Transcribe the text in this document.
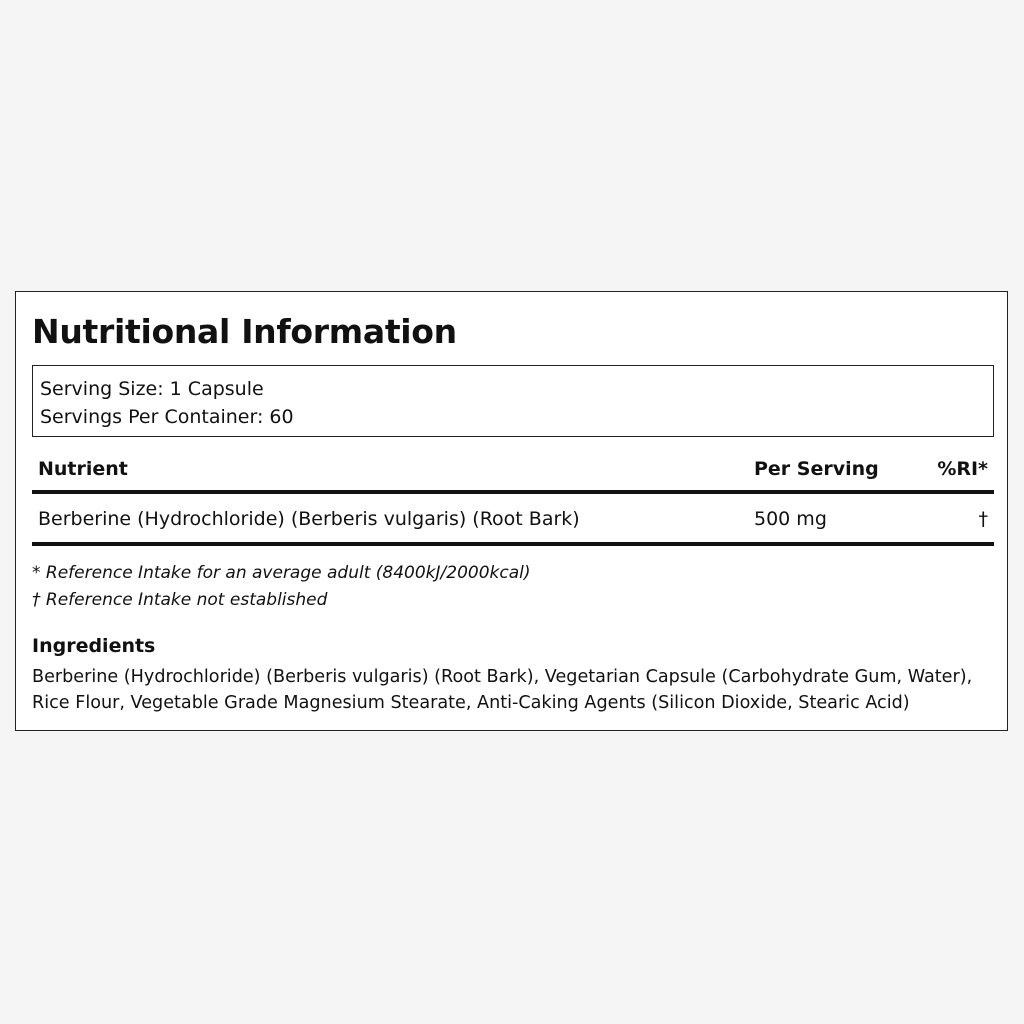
Nutritional Information
Serving Size: 1 Capsule
Servings Per Container: 60
Nutrient	Per Serving	%RI*
Berberine (Hydrochloride) (Berberis vulgaris) (Root Bark)	500 mg	†
* Reference Intake for an average adult (8400kJ/2000kcal)
† Reference Intake not established
Ingredients

Berberine (Hydrochloride) (Berberis vulgaris) (Root Bark), Vegetarian Capsule (Carbohydrate Gum, Water), Rice Flour, Vegetable Grade Magnesium Stearate, Anti-Caking Agents (Silicon Dioxide, Stearic Acid)
